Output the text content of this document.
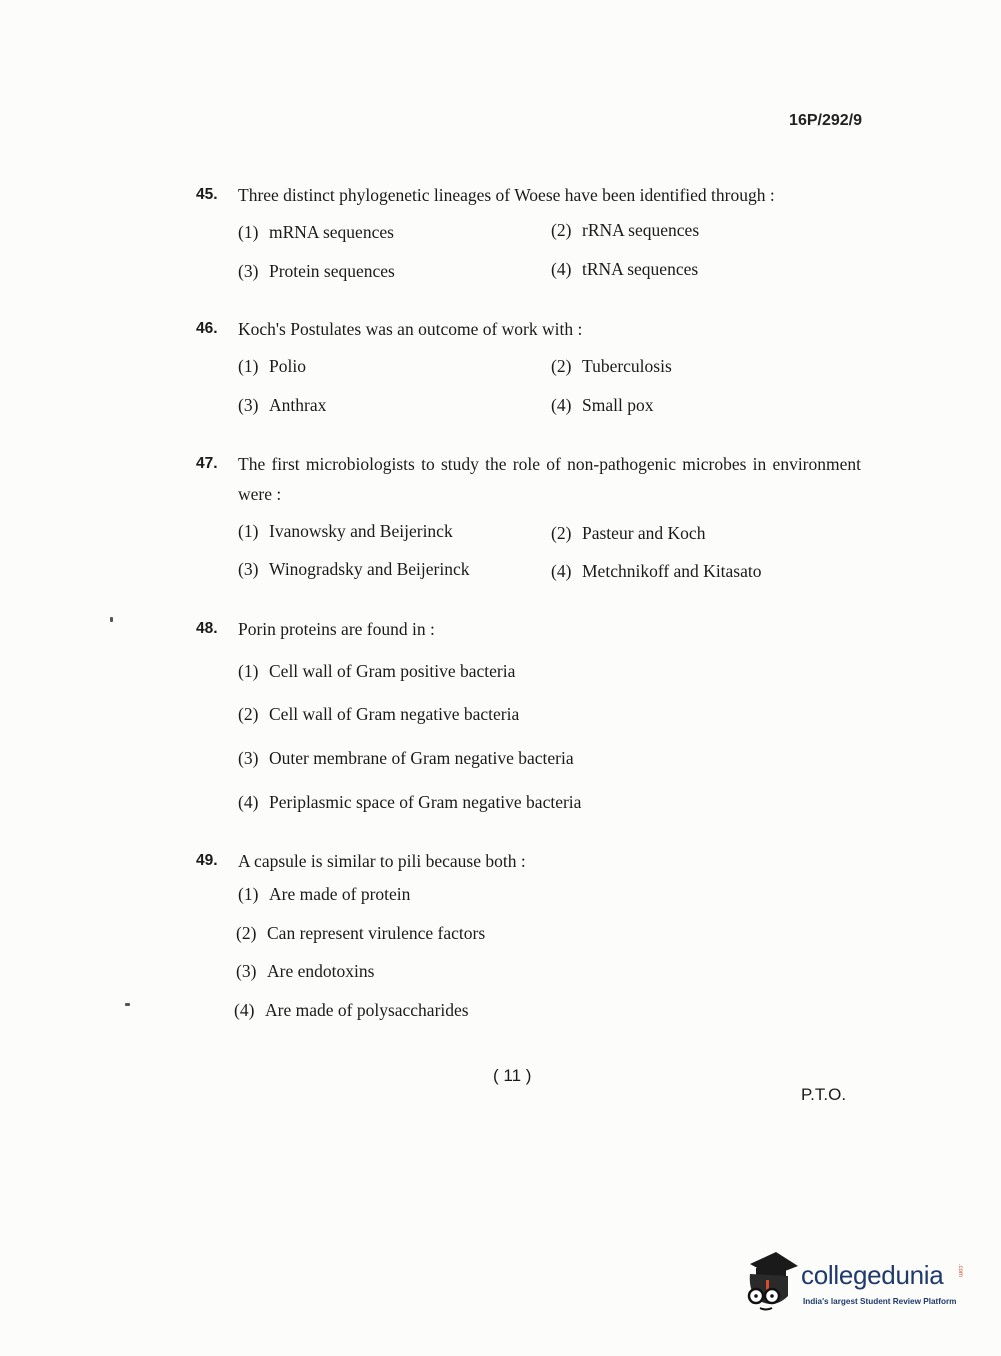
16P/292/9
45.	Three distinct phylogenetic lineages of Woese have been identified through :
(1) mRNA sequences	(2) rRNA sequences
(3) Protein sequences	(4) tRNA sequences
46.	Koch's Postulates was an outcome of work with :
(1) Polio	(2) Tuberculosis
(3) Anthrax	(4) Small pox
47.	The first microbiologists to study the role of non-pathogenic microbes in environment were :
(1) Ivanowsky and Beijerinck	(2) Pasteur and Koch
(3) Winogradsky and Beijerinck	(4) Metchnikoff and Kitasato
48.	Porin proteins are found in :
(1) Cell wall of Gram positive bacteria
(2) Cell wall of Gram negative bacteria
(3) Outer membrane of Gram negative bacteria
(4) Periplasmic space of Gram negative bacteria
49.	A capsule is similar to pili because both :
(1) Are made of protein
(2) Can represent virulence factors
(3) Are endotoxins
(4) Are made of polysaccharides
( 11 )
P.T.O.
collegedunia .com
India's largest Student Review Platform
